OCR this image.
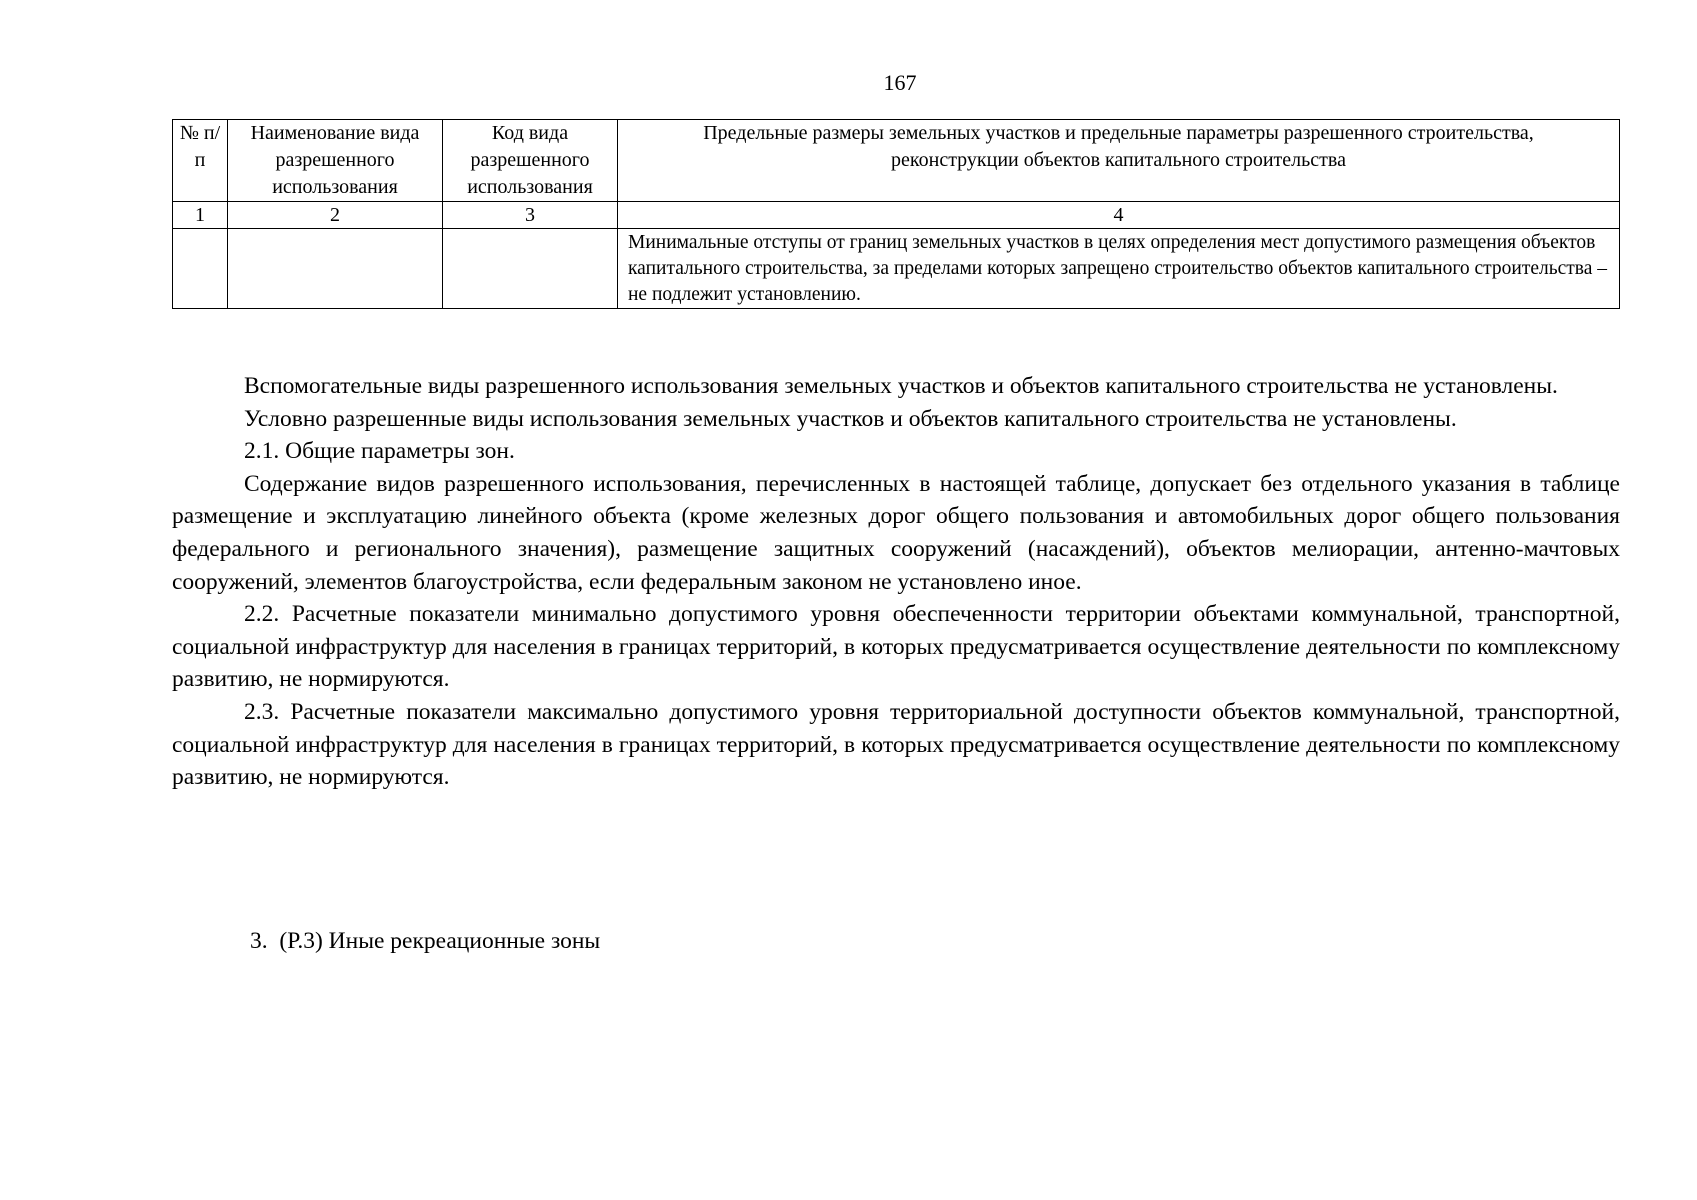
167
№ п/п	Наименование вида разрешенного использования	Код вида разрешенного использования	Предельные размеры земельных участков и предельные параметры разрешенного строительства, реконструкции объектов капитального строительства
1	2	3	4
			Минимальные отступы от границ земельных участков в целях определения мест допустимого размещения объектов капитального строительства, за пределами которых запрещено строительство объектов капитального строительства – не подлежит установлению.

Вспомогательные виды разрешенного использования земельных участков и объектов капитального строительства не установлены.

Условно разрешенные виды использования земельных участков и объектов капитального строительства не установлены.

2.1. Общие параметры зон.

Содержание видов разрешенного использования, перечисленных в настоящей таблице, допускает без отдельного указания в таблице размещение и эксплуатацию линейного объекта (кроме железных дорог общего пользования и автомобильных дорог общего пользования федерального и регионального значения), размещение защитных сооружений (насаждений), объектов мелиорации, антенно-мачтовых сооружений, элементов благоустройства, если федеральным законом не установлено иное.

2.2. Расчетные показатели минимально допустимого уровня обеспеченности территории объектами коммунальной, транспортной, социальной инфраструктур для населения в границах территорий, в которых предусматривается осуществление деятельности по комплексному развитию, не нормируются.

2.3. Расчетные показатели максимально допустимого уровня территориальной доступности объектов коммунальной, транспортной, социальной инфраструктур для населения в границах территорий, в которых предусматривается осуществление деятельности по комплексному развитию, не нормируются.

3. (Р.3) Иные рекреационные зоны
